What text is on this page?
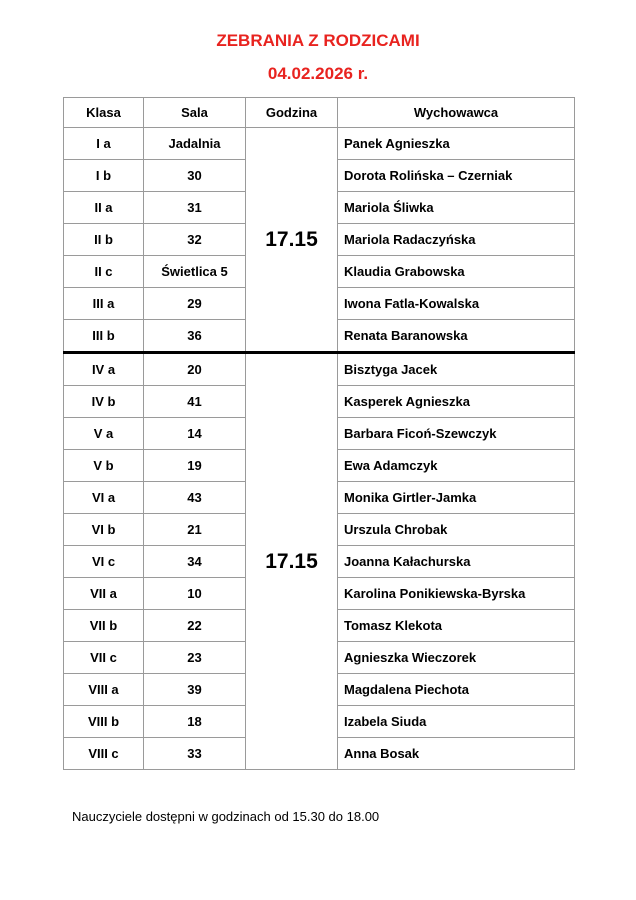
ZEBRANIA Z RODZICAMI
04.02.2026 r.
Klasa	Sala	Godzina	Wychowawca
I a	Jadalnia	17.15	Panek Agnieszka
I b	30		Dorota Rolińska – Czerniak
II a	31		Mariola Śliwka
II b	32		Mariola Radaczyńska
II c	Świetlica 5		Klaudia Grabowska
III a	29		Iwona Fatla-Kowalska
III b	36		Renata Baranowska
IV a	20	17.15	Bisztyga Jacek
IV b	41		Kasperek Agnieszka
V a	14		Barbara Ficoń-Szewczyk
V b	19		Ewa Adamczyk
VI a	43		Monika Girtler-Jamka
VI b	21		Urszula Chrobak
VI c	34		Joanna Kałachurska
VII a	10		Karolina Ponikiewska-Byrska
VII b	22		Tomasz Klekota
VII c	23		Agnieszka Wieczorek
VIII a	39		Magdalena Piechota
VIII b	18		Izabela Siuda
VIII c	33		Anna Bosak
Nauczyciele dostępni w godzinach od 15.30 do 18.00
